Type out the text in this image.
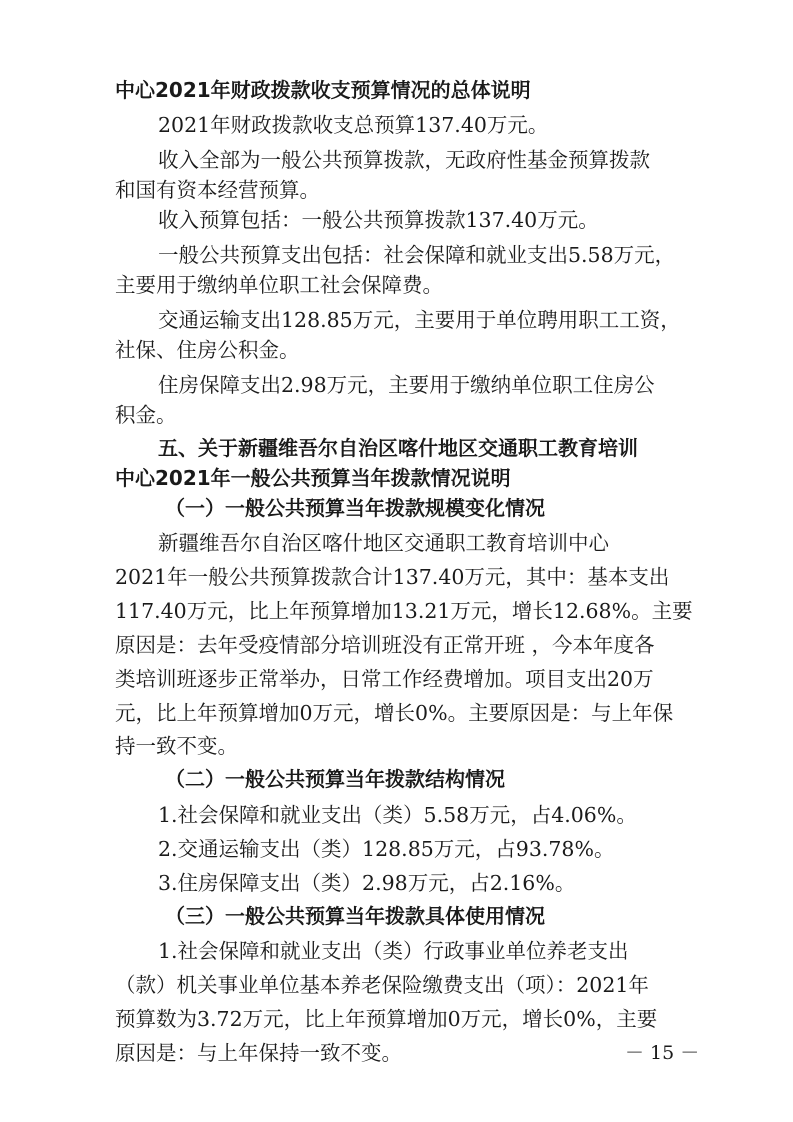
中心2021年财政拨款收支预算情况的总体说明
2021年财政拨款收支总预算137.40万元。
收入全部为一般公共预算拨款，无政府性基金预算拨款
和国有资本经营预算。
收入预算包括：一般公共预算拨款137.40万元。
一般公共预算支出包括：社会保障和就业支出5.58万元，
主要用于缴纳单位职工社会保障费。
交通运输支出128.85万元，主要用于单位聘用职工工资，
社保、住房公积金。
住房保障支出2.98万元，主要用于缴纳单位职工住房公
积金。
五、关于新疆维吾尔自治区喀什地区交通职工教育培训
中心2021年一般公共预算当年拨款情况说明
（一）一般公共预算当年拨款规模变化情况
新疆维吾尔自治区喀什地区交通职工教育培训中心
2021年一般公共预算拨款合计137.40万元，其中：基本支出
117.40万元，比上年预算增加13.21万元，增长12.68%。主要
原因是：去年受疫情部分培训班没有正常开班 ，今本年度各
类培训班逐步正常举办，日常工作经费增加。项目支出20万
元，比上年预算增加0万元，增长0%。主要原因是：与上年保
持一致不变。
（二）一般公共预算当年拨款结构情况
1.社会保障和就业支出（类）5.58万元，占4.06%。
2.交通运输支出（类）128.85万元，占93.78%。
3.住房保障支出（类）2.98万元，占2.16%。
（三）一般公共预算当年拨款具体使用情况
1.社会保障和就业支出（类）行政事业单位养老支出
（款）机关事业单位基本养老保险缴费支出（项）：2021年
预算数为3.72万元，比上年预算增加0万元，增长0%，主要
原因是：与上年保持一致不变。	－ 15 －
